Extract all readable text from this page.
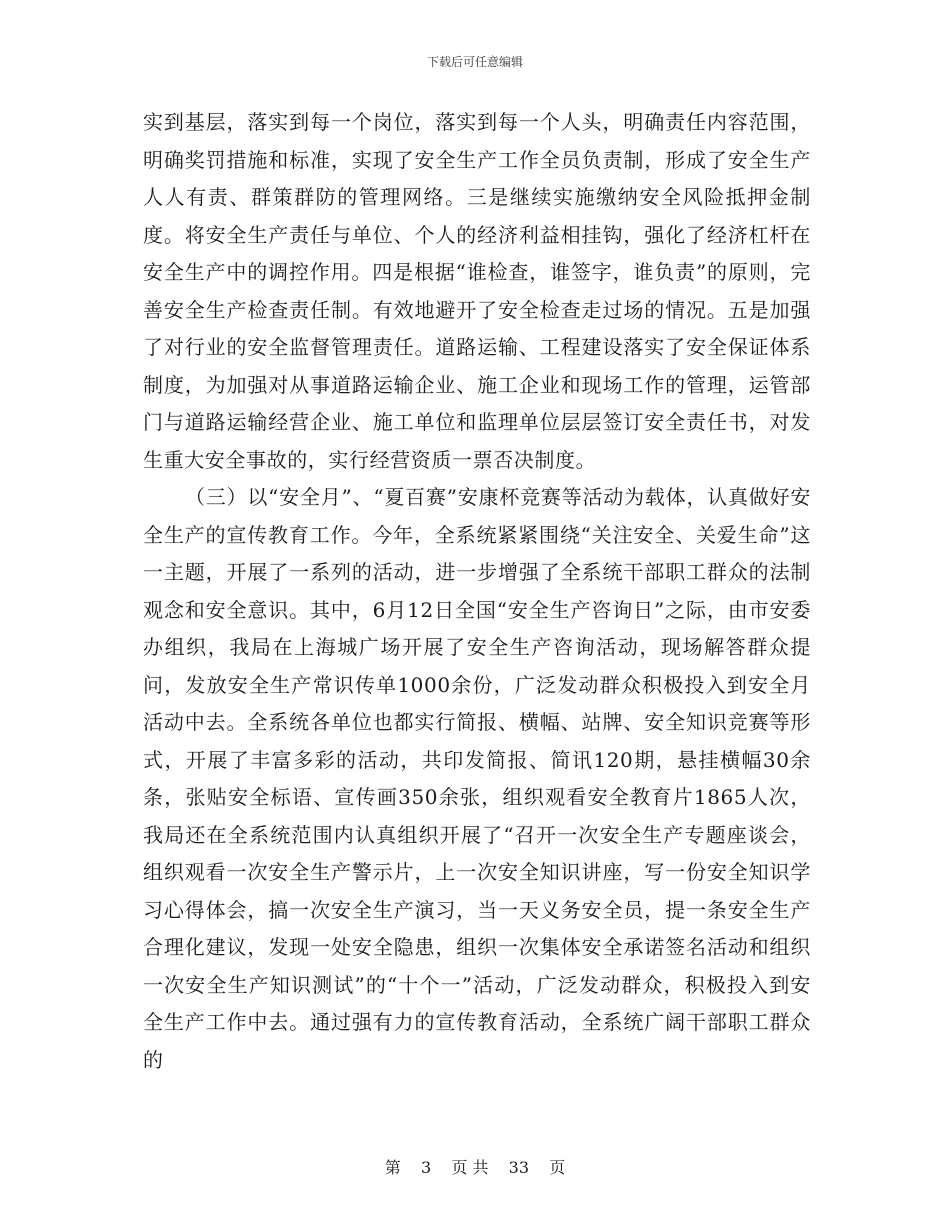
下载后可任意编辑

实到基层，落实到每一个岗位，落实到每一个人头，明确责任内容范围，明确奖罚措施和标准，实现了安全生产工作全员负责制，形成了安全生产人人有责、群策群防的管理网络。三是继续实施缴纳安全风险抵押金制度。将安全生产责任与单位、个人的经济利益相挂钩，强化了经济杠杆在安全生产中的调控作用。四是根据“谁检查，谁签字，谁负责”的原则，完善安全生产检查责任制。有效地避开了安全检查走过场的情况。五是加强了对行业的安全监督管理责任。道路运输、工程建设落实了安全保证体系制度，为加强对从事道路运输企业、施工企业和现场工作的管理，运管部门与道路运输经营企业、施工单位和监理单位层层签订安全责任书，对发生重大安全事故的，实行经营资质一票否决制度。

（三）以“安全月”、“夏百赛”安康杯竞赛等活动为载体，认真做好安全生产的宣传教育工作。今年，全系统紧紧围绕“关注安全、关爱生命”这一主题，开展了一系列的活动，进一步增强了全系统干部职工群众的法制观念和安全意识。其中，6月12日全国“安全生产咨询日”之际，由市安委办组织，我局在上海城广场开展了安全生产咨询活动，现场解答群众提问，发放安全生产常识传单1000余份，广泛发动群众积极投入到安全月活动中去。全系统各单位也都实行简报、横幅、站牌、安全知识竞赛等形式，开展了丰富多彩的活动，共印发简报、简讯120期，悬挂横幅30余条，张贴安全标语、宣传画350余张，组织观看安全教育片1865人次，我局还在全系统范围内认真组织开展了“召开一次安全生产专题座谈会，组织观看一次安全生产警示片，上一次安全知识讲座，写一份安全知识学习心得体会，搞一次安全生产演习，当一天义务安全员，提一条安全生产合理化建议，发现一处安全隐患，组织一次集体安全承诺签名活动和组织一次安全生产知识测试”的“十个一”活动，广泛发动群众，积极投入到安全生产工作中去。通过强有力的宣传教育活动，全系统广阔干部职工群众的

第 3 页 共 33 页
